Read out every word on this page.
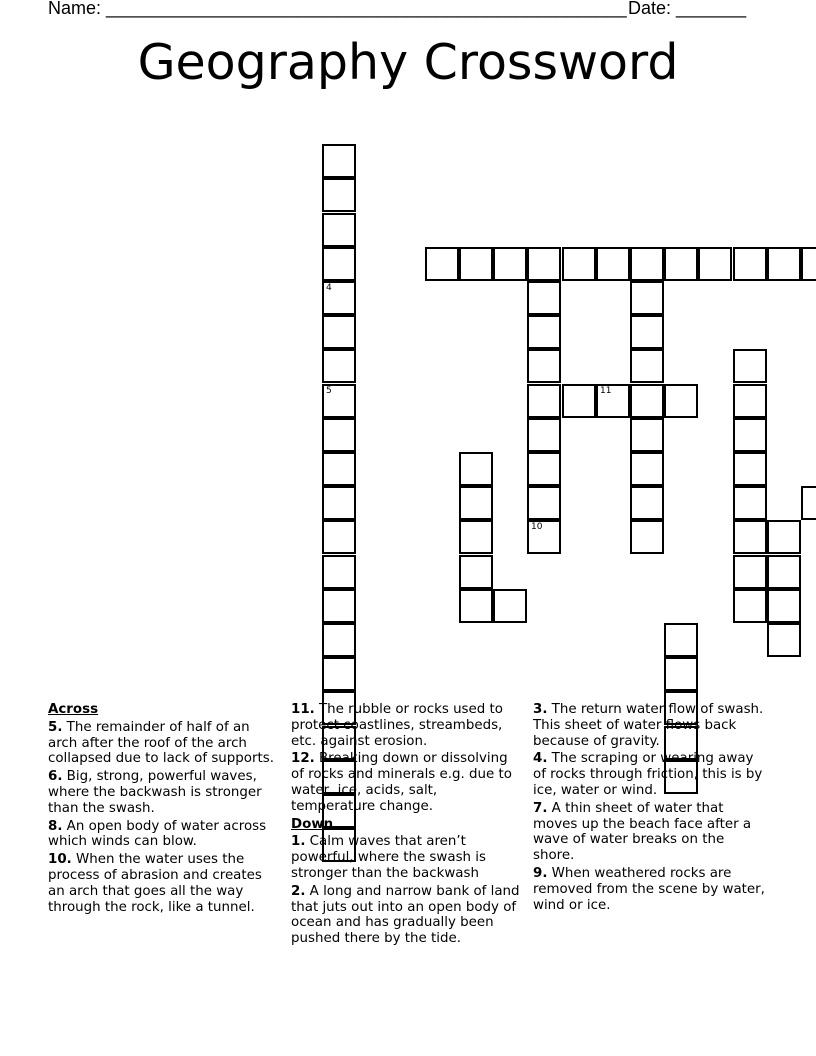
Name: ____________________________________________________ Date: _______
Geography Crossword
4
5
10
11

Across

5. The remainder of half of an arch after the roof of the arch collapsed due to lack of supports.

6. Big, strong, powerful waves, where the backwash is stronger than the swash.

8. An open body of water across which winds can blow.

10. When the water uses the process of abrasion and creates an arch that goes all the way through the rock, like a tunnel.

11. The rubble or rocks used to protect coastlines, streambeds, etc. against erosion.

12. Breaking down or dissolving of rocks and minerals e.g. due to water, ice, acids, salt, temperature change.

Down

1. Calm waves that aren’t powerful, where the swash is stronger than the backwash

2. A long and narrow bank of land that juts out into an open body of ocean and has gradually been pushed there by the tide.

3. The return water flow of swash. This sheet of water flows back because of gravity.

4. The scraping or wearing away of rocks through friction, this is by ice, water or wind.

7. A thin sheet of water that moves up the beach face after a wave of water breaks on the shore.

9. When weathered rocks are removed from the scene by water, wind or ice.
